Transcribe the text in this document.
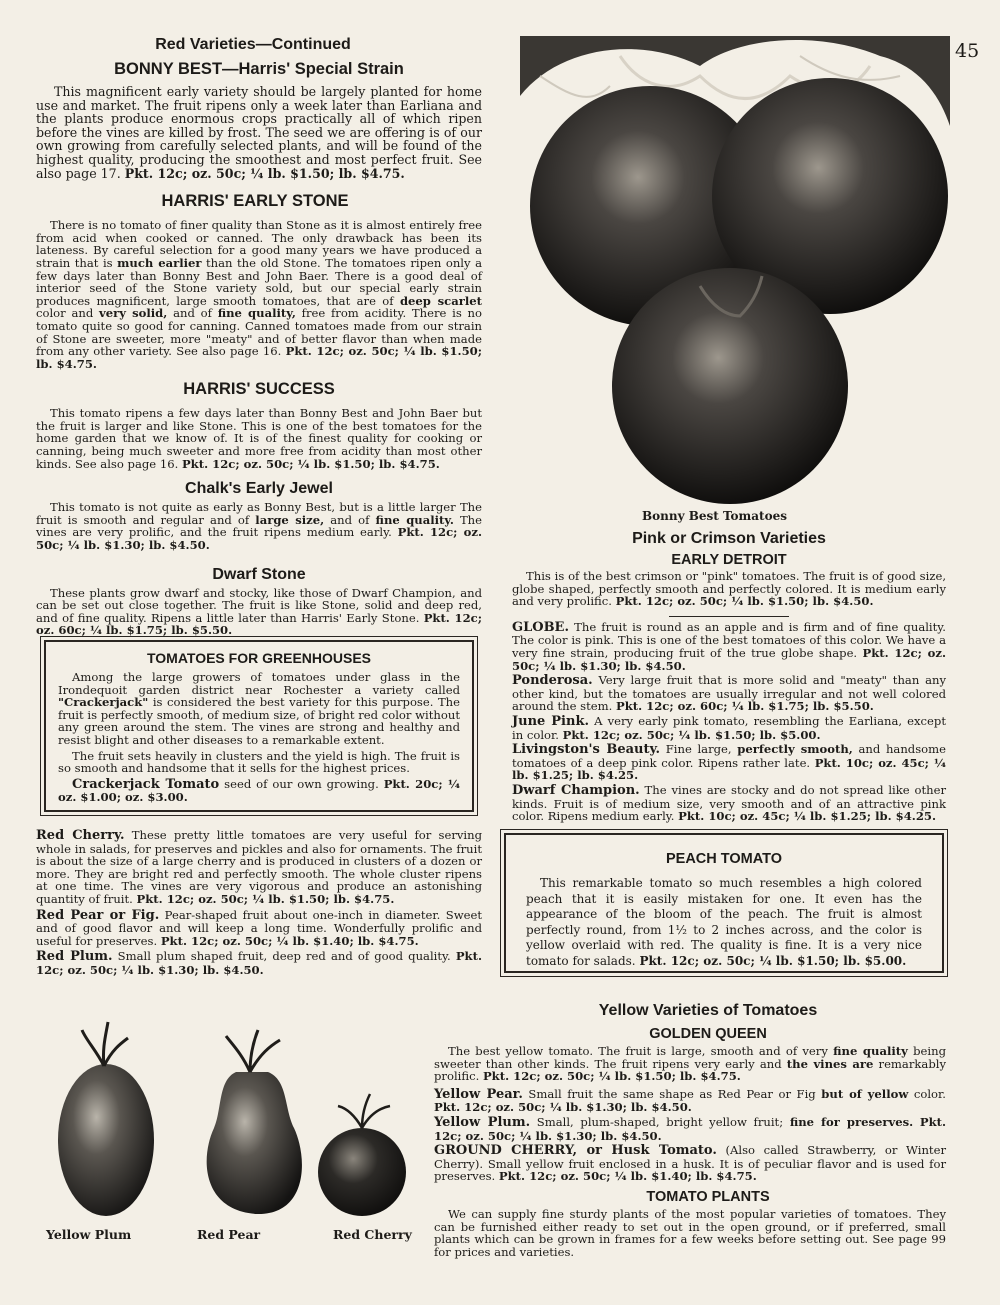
45
Red Varieties—Continued
BONNY BEST—Harris' Special Strain

This magnificent early variety should be largely planted for home use and market. The fruit ripens only a week later than Earliana and the plants produce enormous crops practically all of which ripen before the vines are killed by frost. The seed we are offering is of our own growing from carefully selected plants, and will be found of the highest quality, producing the smoothest and most perfect fruit. See also page 17. Pkt. 12c; oz. 50c; ¼ lb. $1.50; lb. $4.75.

HARRIS' EARLY STONE

There is no tomato of finer quality than Stone as it is almost entirely free from acid when cooked or canned. The only drawback has been its lateness. By careful selection for a good many years we have produced a strain that is much earlier than the old Stone. The tomatoes ripen only a few days later than Bonny Best and John Baer. There is a good deal of interior seed of the Stone variety sold, but our special early strain produces magnificent, large smooth tomatoes, that are of deep scarlet color and very solid, and of fine quality, free from acidity. There is no tomato quite so good for canning. Canned tomatoes made from our strain of Stone are sweeter, more "meaty" and of better flavor than when made from any other variety. See also page 16. Pkt. 12c; oz. 50c; ¼ lb. $1.50; lb. $4.75.

HARRIS' SUCCESS

This tomato ripens a few days later than Bonny Best and John Baer but the fruit is larger and like Stone. This is one of the best tomatoes for the home garden that we know of. It is of the finest quality for cooking or canning, being much sweeter and more free from acidity than most other kinds. See also page 16. Pkt. 12c; oz. 50c; ¼ lb. $1.50; lb. $4.75.

Chalk's Early Jewel

This tomato is not quite as early as Bonny Best, but is a little larger The fruit is smooth and regular and of large size, and of fine quality. The vines are very prolific, and the fruit ripens medium early. Pkt. 12c; oz. 50c; ¼ lb. $1.30; lb. $4.50.

Dwarf Stone

These plants grow dwarf and stocky, like those of Dwarf Champion, and can be set out close together. The fruit is like Stone, solid and deep red, and of fine quality. Ripens a little later than Harris' Early Stone. Pkt. 12c; oz. 60c; ¼ lb. $1.75; lb. $5.50.

TOMATOES FOR GREENHOUSES

Among the large growers of tomatoes under glass in the Irondequoit garden district near Rochester a variety called "Crackerjack" is considered the best variety for this purpose. The fruit is perfectly smooth, of medium size, of bright red color without any green around the stem. The vines are strong and healthy and resist blight and other diseases to a remarkable extent.

The fruit sets heavily in clusters and the yield is high. The fruit is so smooth and handsome that it sells for the highest prices.

Crackerjack Tomato seed of our own growing. Pkt. 20c; ¼ oz. $1.00; oz. $3.00.

Red Cherry. These pretty little tomatoes are very useful for serving whole in salads, for preserves and pickles and also for ornaments. The fruit is about the size of a large cherry and is produced in clusters of a dozen or more. They are bright red and perfectly smooth. The whole cluster ripens at one time. The vines are very vigorous and produce an astonishing quantity of fruit. Pkt. 12c; oz. 50c; ¼ lb. $1.50; lb. $4.75.

Red Pear or Fig. Pear-shaped fruit about one-inch in diameter. Sweet and of good flavor and will keep a long time. Wonderfully prolific and useful for preserves. Pkt. 12c; oz. 50c; ¼ lb. $1.40; lb. $4.75.

Red Plum. Small plum shaped fruit, deep red and of good quality. Pkt. 12c; oz. 50c; ¼ lb. $1.30; lb. $4.50.

Yellow Plum	Red Pear	Red Cherry
Bonny Best Tomatoes
Pink or Crimson Varieties
EARLY DETROIT

This is of the best crimson or "pink" tomatoes. The fruit is of good size, globe shaped, perfectly smooth and perfectly colored. It is medium early and very prolific. Pkt. 12c; oz. 50c; ¼ lb. $1.50; lb. $4.50.

GLOBE. The fruit is round as an apple and is firm and of fine quality. The color is pink. This is one of the best tomatoes of this color. We have a very fine strain, producing fruit of the true globe shape. Pkt. 12c; oz. 50c; ¼ lb. $1.30; lb. $4.50.

Ponderosa. Very large fruit that is more solid and "meaty" than any other kind, but the tomatoes are usually irregular and not well colored around the stem. Pkt. 12c; oz. 60c; ¼ lb. $1.75; lb. $5.50.

June Pink. A very early pink tomato, resembling the Earliana, except in color. Pkt. 12c; oz. 50c; ¼ lb. $1.50; lb. $5.00.

Livingston's Beauty. Fine large, perfectly smooth, and handsome tomatoes of a deep pink color. Ripens rather late. Pkt. 10c; oz. 45c; ¼ lb. $1.25; lb. $4.25.

Dwarf Champion. The vines are stocky and do not spread like other kinds. Fruit is of medium size, very smooth and of an attractive pink color. Ripens medium early. Pkt. 10c; oz. 45c; ¼ lb. $1.25; lb. $4.25.

PEACH TOMATO

This remarkable tomato so much resembles a high colored peach that it is easily mistaken for one. It even has the appearance of the bloom of the peach. The fruit is almost perfectly round, from 1½ to 2 inches across, and the color is yellow overlaid with red. The quality is fine. It is a very nice tomato for salads. Pkt. 12c; oz. 50c; ¼ lb. $1.50; lb. $5.00.

Yellow Varieties of Tomatoes
GOLDEN QUEEN

The best yellow tomato. The fruit is large, smooth and of very fine quality being sweeter than other kinds. The fruit ripens very early and the vines are remarkably prolific. Pkt. 12c; oz. 50c; ¼ lb. $1.50; lb. $4.75.

Yellow Pear. Small fruit the same shape as Red Pear or Fig but of yellow color. Pkt. 12c; oz. 50c; ¼ lb. $1.30; lb. $4.50.

Yellow Plum. Small, plum-shaped, bright yellow fruit; fine for preserves. Pkt. 12c; oz. 50c; ¼ lb. $1.30; lb. $4.50.

GROUND CHERRY, or Husk Tomato. (Also called Strawberry, or Winter Cherry). Small yellow fruit enclosed in a husk. It is of peculiar flavor and is used for preserves. Pkt. 12c; oz. 50c; ¼ lb. $1.40; lb. $4.75.

TOMATO PLANTS

We can supply fine sturdy plants of the most popular varieties of tomatoes. They can be furnished either ready to set out in the open ground, or if preferred, small plants which can be grown in frames for a few weeks before setting out. See page 99 for prices and varieties.
